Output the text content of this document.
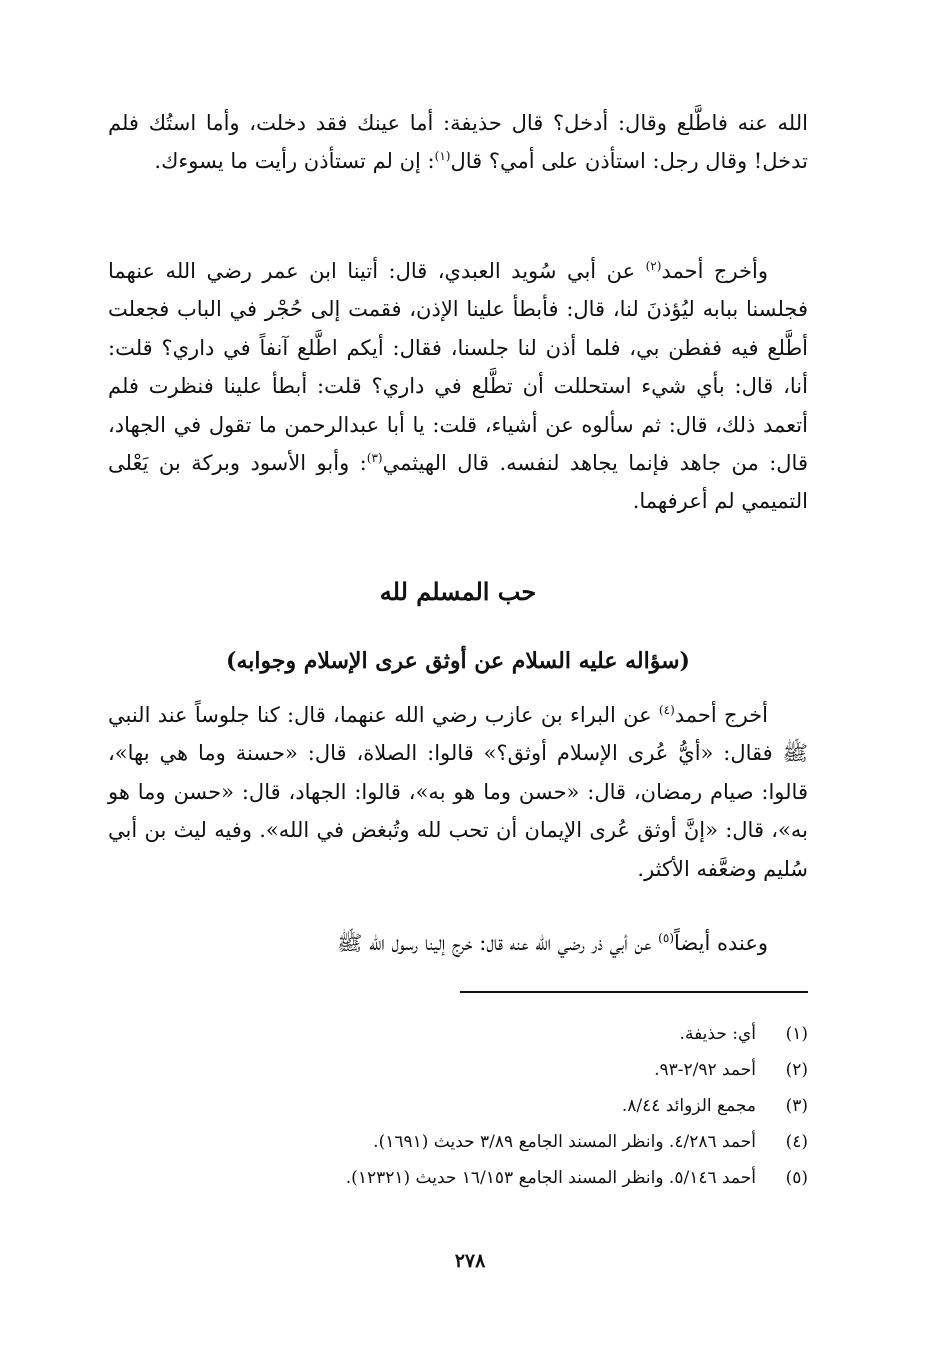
الله عنه فاطَّلع وقال: أدخل؟ قال حذيفة: أما عينك فقد دخلت، وأما استُك فلم تدخل! وقال رجل: استأذن على أمي؟ قال$^{(١)}$: إن لم تستأذن رأيت ما يسوءك.

وأخرج أحمد$^{(٢)}$ عن أبي سُويد العبدي، قال: أتينا ابن عمر رضي الله عنهما فجلسنا ببابه ليُؤذنَ لنا، قال: فأبطأ علينا الإذن، فقمت إلى حُجْر في الباب فجعلت أطَّلع فيه ففطن بي، فلما أذن لنا جلسنا، فقال: أيكم اطَّلع آنفاً في داري؟ قلت: أنا، قال: بأي شيء استحللت أن تطَّلع في داري؟ قلت: أبطأ علينا فنظرت فلم أتعمد ذلك، قال: ثم سألوه عن أشياء، قلت: يا أبا عبدالرحمن ما تقول في الجهاد، قال: من جاهد فإنما يجاهد لنفسه. قال الهيثمي$^{(٣)}$: وأبو الأسود وبركة بن يَعْلى التميمي لم أعرفهما.

حب المسلم لله
(سؤاله عليه السلام عن أوثق عرى الإسلام وجوابه)

أخرج أحمد$^{(٤)}$ عن البراء بن عازب رضي الله عنهما، قال: كنا جلوساً عند النبي ﷺ فقال: «أيُّ عُرى الإسلام أوثق؟» قالوا: الصلاة، قال: «حسنة وما هي بها»، قالوا: صيام رمضان، قال: «حسن وما هو به»، قالوا: الجهاد، قال: «حسن وما هو به»، قال: «إنَّ أوثق عُرى الإيمان أن تحب لله وتُبغض في الله». وفيه ليث بن أبي سُليم وضعَّفه الأكثر.

وعنده أيضاً$^{(٥)}$ عن أبي ذر رضي الله عنه قال: خرج إلينا رسول الله ﷺ

(١)
أي: حذيفة.
(٢)
أحمد ٢/٩٢-٩٣.
(٣)
مجمع الزوائد ٨/٤٤.
(٤)
أحمد ٤/٢٨٦. وانظر المسند الجامع ٣/٨٩ حديث (١٦٩١).
(٥)
أحمد ٥/١٤٦. وانظر المسند الجامع ١٦/١٥٣ حديث (١٢٣٢١).
٢٧٨
